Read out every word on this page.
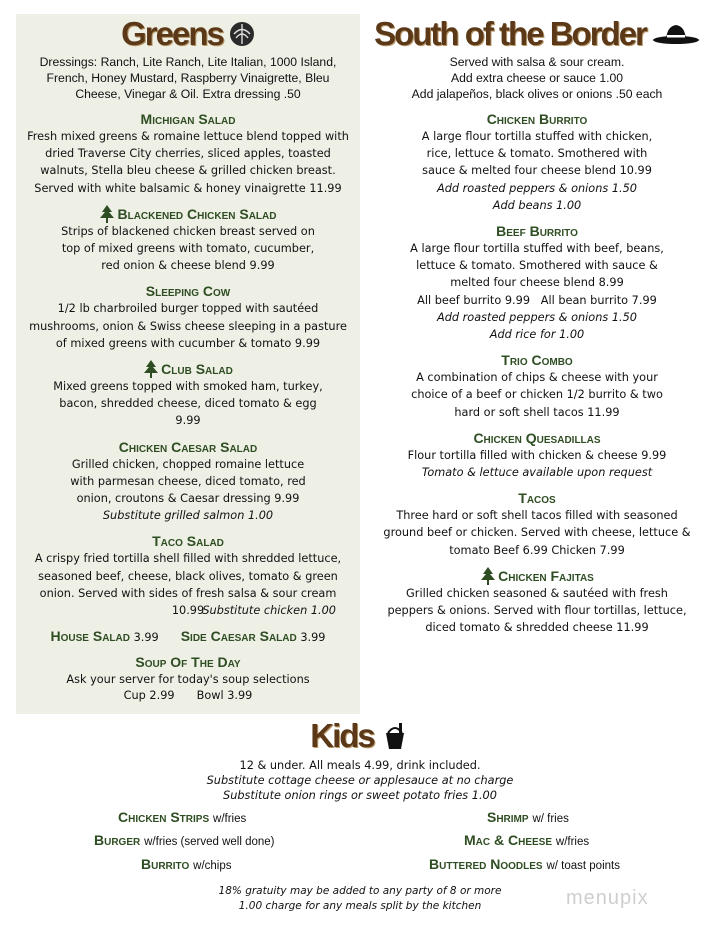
Greens
Dressings: Ranch, Lite Ranch, Lite Italian, 1000 Island, French, Honey Mustard, Raspberry Vinaigrette, Bleu Cheese, Vinegar & Oil. Extra dressing .50
Michigan Salad
Fresh mixed greens & romaine lettuce blend topped with dried Traverse City cherries, sliced apples, toasted walnuts, Stella bleu cheese & grilled chicken breast. Served with white balsamic & honey vinaigrette 11.99
Blackened Chicken Salad
Strips of blackened chicken breast served on top of mixed greens with tomato, cucumber, red onion & cheese blend 9.99
Sleeping Cow
1/2 lb charbroiled burger topped with sautéed mushrooms, onion & Swiss cheese sleeping in a pasture of mixed greens with cucumber & tomato 9.99
Club Salad
Mixed greens topped with smoked ham, turkey, bacon, shredded cheese, diced tomato & egg 9.99
Chicken Caesar Salad
Grilled chicken, chopped romaine lettuce with parmesan cheese, diced tomato, red onion, croutons & Caesar dressing 9.99
Substitute grilled salmon 1.00
Taco Salad
A crispy fried tortilla shell filled with shredded lettuce, seasoned beef, cheese, black olives, tomato & green onion. Served with sides of fresh salsa & sour cream 10.99
Substitute chicken 1.00
House Salad 3.99 Side Caesar Salad 3.99
Soup Of The Day
Ask your server for today's soup selections
Cup 2.99 Bowl 3.99
South of the Border
Served with salsa & sour cream.
Add extra cheese or sauce 1.00
Add jalapeños, black olives or onions .50 each
Chicken Burrito
A large flour tortilla stuffed with chicken, rice, lettuce & tomato. Smothered with sauce & melted four cheese blend 10.99
Add roasted peppers & onions 1.50
Add beans 1.00
Beef Burrito
A large flour tortilla stuffed with beef, beans, lettuce & tomato. Smothered with sauce & melted four cheese blend 8.99
All beef burrito 9.99   All bean burrito 7.99
Add roasted peppers & onions 1.50
Add rice for 1.00
Trio Combo
A combination of chips & cheese with your choice of a beef or chicken 1/2 burrito & two hard or soft shell tacos 11.99
Chicken Quesadillas
Flour tortilla filled with chicken & cheese 9.99
Tomato & lettuce available upon request
Tacos
Three hard or soft shell tacos filled with seasoned ground beef or chicken. Served with cheese, lettuce & tomato Beef 6.99 Chicken 7.99
Chicken Fajitas
Grilled chicken seasoned & sautéed with fresh peppers & onions. Served with flour tortillas, lettuce, diced tomato & shredded cheese 11.99
Kids
12 & under. All meals 4.99, drink included.
Substitute cottage cheese or applesauce at no charge
Substitute onion rings or sweet potato fries 1.00
Chicken Strips w/fries
Burger w/fries (served well done)
Burrito w/chips
Shrimp w/ fries
Mac & Cheese w/fries
Buttered Noodles w/ toast points
18% gratuity may be added to any party of 8 or more
1.00 charge for any meals split by the kitchen	menupix
